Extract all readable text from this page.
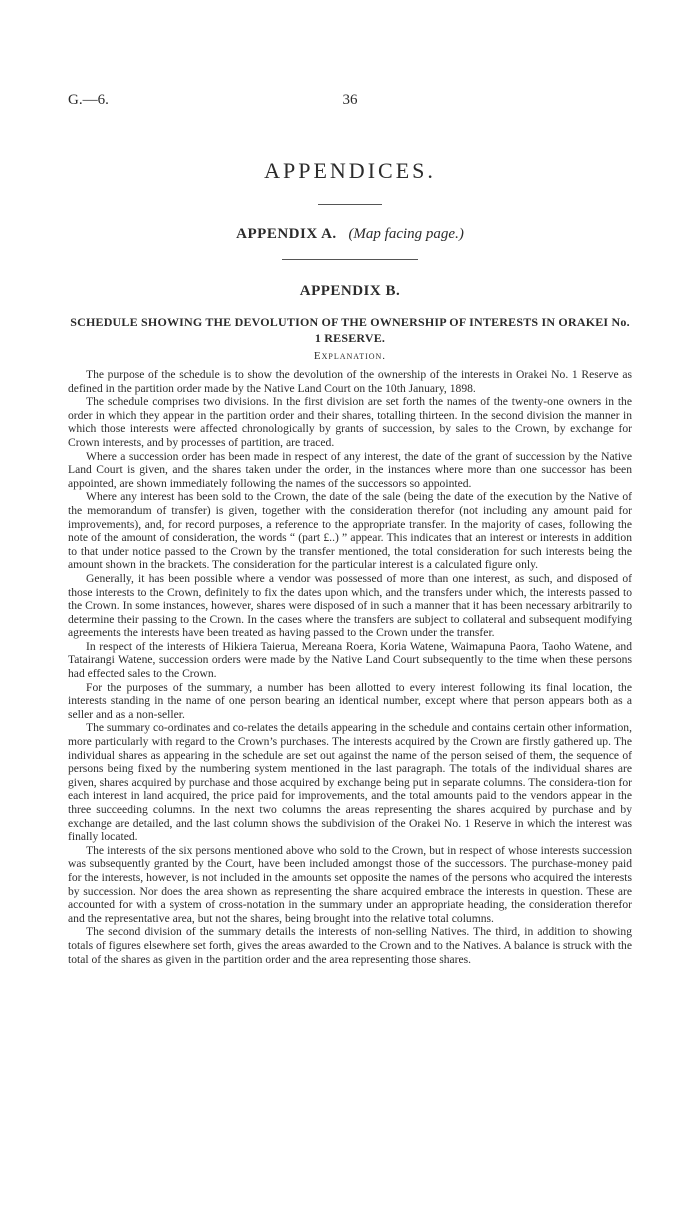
G.—6.	36
APPENDICES.
APPENDIX A. (Map facing page.)
APPENDIX B.
SCHEDULE SHOWING THE DEVOLUTION OF THE OWNERSHIP OF INTERESTS IN ORAKEI No. 1 RESERVE.
Explanation.

The purpose of the schedule is to show the devolution of the ownership of the interests in Orakei No. 1 Reserve as defined in the partition order made by the Native Land Court on the 10th January, 1898.

The schedule comprises two divisions. In the first division are set forth the names of the twenty-one owners in the order in which they appear in the partition order and their shares, totalling thirteen. In the second division the manner in which those interests were affected chronologically by grants of succession, by sales to the Crown, by exchange for Crown interests, and by processes of partition, are traced.

Where a succession order has been made in respect of any interest, the date of the grant of succession by the Native Land Court is given, and the shares taken under the order, in the instances where more than one successor has been appointed, are shown immediately following the names of the successors so appointed.

Where any interest has been sold to the Crown, the date of the sale (being the date of the execution by the Native of the memorandum of transfer) is given, together with the consideration therefor (not including any amount paid for improvements), and, for record purposes, a reference to the appropriate transfer. In the majority of cases, following the note of the amount of consideration, the words “ (part £..) ” appear. This indicates that an interest or interests in addition to that under notice passed to the Crown by the transfer mentioned, the total consideration for such interests being the amount shown in the brackets. The consideration for the particular interest is a calculated figure only.

Generally, it has been possible where a vendor was possessed of more than one interest, as such, and disposed of those interests to the Crown, definitely to fix the dates upon which, and the transfers under which, the interests passed to the Crown. In some instances, however, shares were disposed of in such a manner that it has been necessary arbitrarily to determine their passing to the Crown. In the cases where the transfers are subject to collateral and subsequent modifying agreements the interests have been treated as having passed to the Crown under the transfer.

In respect of the interests of Hikiera Taierua, Mereana Roera, Koria Watene, Waimapuna Paora, Taoho Watene, and Tatairangi Watene, succession orders were made by the Native Land Court subsequently to the time when these persons had effected sales to the Crown.

For the purposes of the summary, a number has been allotted to every interest following its final location, the interests standing in the name of one person bearing an identical number, except where that person appears both as a seller and as a non-seller.

The summary co-ordinates and co-relates the details appearing in the schedule and contains certain other information, more particularly with regard to the Crown’s purchases. The interests acquired by the Crown are firstly gathered up. The individual shares as appearing in the schedule are set out against the name of the person seised of them, the sequence of persons being fixed by the numbering system mentioned in the last paragraph. The totals of the individual shares are given, shares acquired by purchase and those acquired by exchange being put in separate columns. The considera-tion for each interest in land acquired, the price paid for improvements, and the total amounts paid to the vendors appear in the three succeeding columns. In the next two columns the areas representing the shares acquired by purchase and by exchange are detailed, and the last column shows the subdivision of the Orakei No. 1 Reserve in which the interest was finally located.

The interests of the six persons mentioned above who sold to the Crown, but in respect of whose interests succession was subsequently granted by the Court, have been included amongst those of the successors. The purchase-money paid for the interests, however, is not included in the amounts set opposite the names of the persons who acquired the interests by succession. Nor does the area shown as representing the share acquired embrace the interests in question. These are accounted for with a system of cross-notation in the summary under an appropriate heading, the consideration therefor and the representative area, but not the shares, being brought into the relative total columns.

The second division of the summary details the interests of non-selling Natives. The third, in addition to showing totals of figures elsewhere set forth, gives the areas awarded to the Crown and to the Natives. A balance is struck with the total of the shares as given in the partition order and the area representing those shares.
